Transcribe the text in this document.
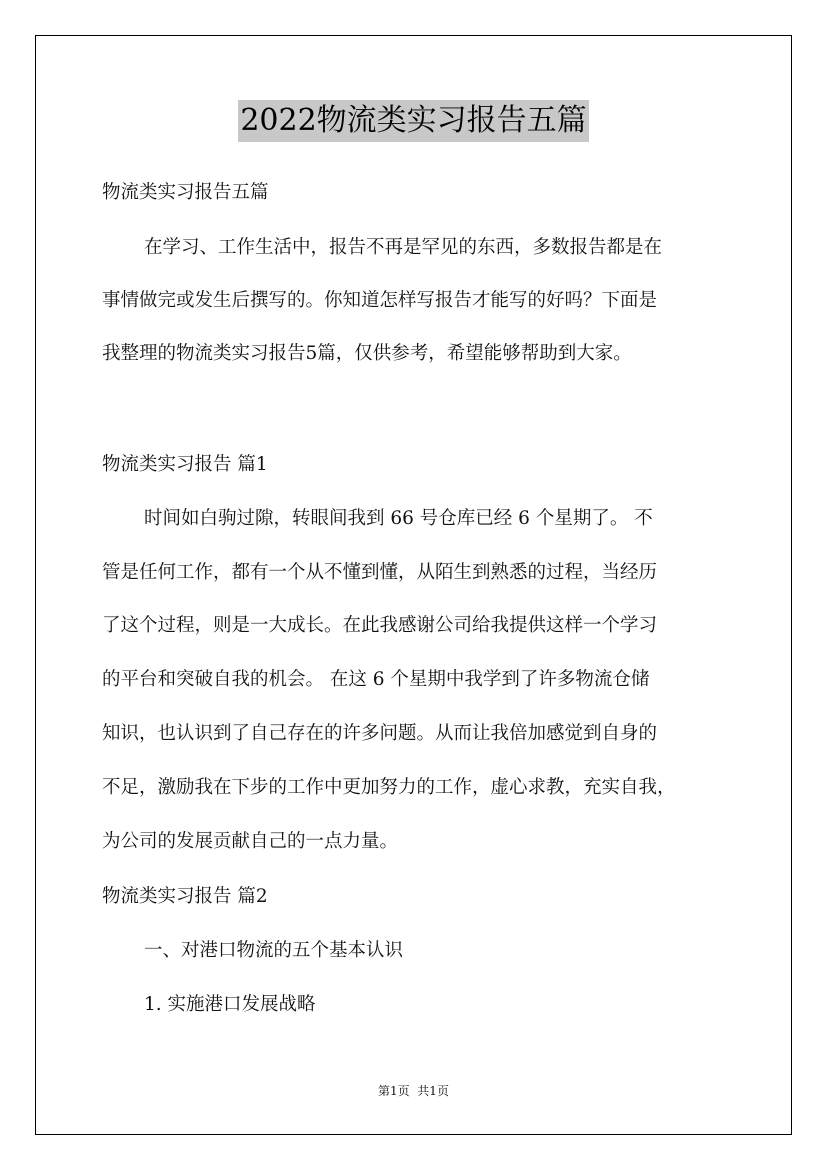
2022物流类实习报告五篇
物流类实习报告五篇
在学习、工作生活中，报告不再是罕见的东西，多数报告都是在
事情做完或发生后撰写的。你知道怎样写报告才能写的好吗？下面是
我整理的物流类实习报告5篇，仅供参考，希望能够帮助到大家。
物流类实习报告 篇1
时间如白驹过隙，转眼间我到 66 号仓库已经 6 个星期了。 不
管是任何工作，都有一个从不懂到懂，从陌生到熟悉的过程，当经历
了这个过程，则是一大成长。在此我感谢公司给我提供这样一个学习
的平台和突破自我的机会。 在这 6 个星期中我学到了许多物流仓储
知识，也认识到了自己存在的许多问题。从而让我倍加感觉到自身的
不足，激励我在下步的工作中更加努力的工作，虚心求教，充实自我，
为公司的发展贡献自己的一点力量。
物流类实习报告 篇2
一、对港口物流的五个基本认识
1. 实施港口发展战略
第1页  共1页
